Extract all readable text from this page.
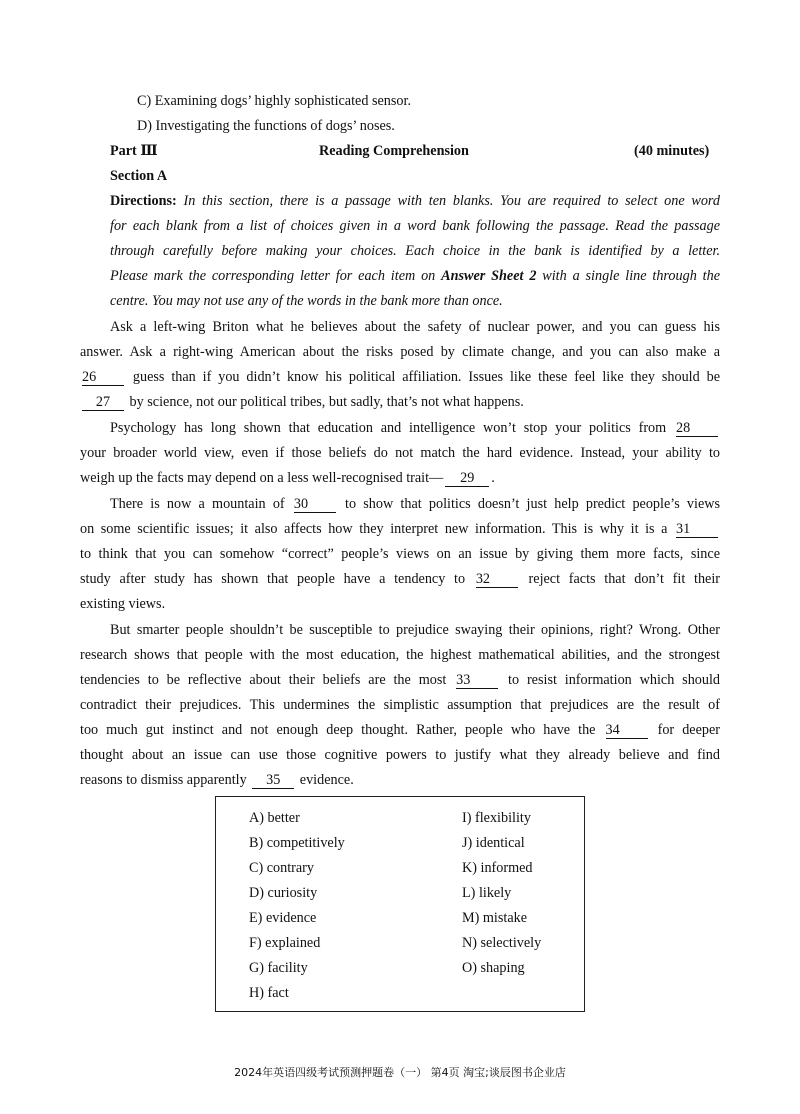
C) Examining dogs’ highly sophisticated sensor.
D) Investigating the functions of dogs’ noses.
Part Ⅲ	Reading Comprehension	(40 minutes)
Section A
Directions: In this section, there is a passage with ten blanks. You are required to select one word
for each blank from a list of choices given in a word bank following the passage. Read the passage
through carefully before making your choices. Each choice in the bank is identified by a letter.
Please mark the corresponding letter for each item on Answer Sheet 2 with a single line through the
centre. You may not use any of the words in the bank more than once.
Ask a left-wing Briton what he believes about the safety of nuclear power, and you can guess his
answer. Ask a right-wing American about the risks posed by climate change, and you can also make a
26	guess than if you didn’t know his political affiliation. Issues like these feel like they should be
27 by science, not our political tribes, but sadly, that’s not what happens.
Psychology has long shown that education and intelligence won’t stop your politics from 28
your broader world view, even if those beliefs do not match the hard evidence. Instead, your ability to
weigh up the facts may depend on a less well-recognised trait— 29 .
There is now a mountain of 30	to show that politics doesn’t just help predict people’s views
on some scientific issues; it also affects how they interpret new information. This is why it is a 31
to think that you can somehow “correct” people’s views on an issue by giving them more facts, since
study after study has shown that people have a tendency to 32	reject facts that don’t fit their
existing views.
But smarter people shouldn’t be susceptible to prejudice swaying their opinions, right? Wrong. Other
research shows that people with the most education, the highest mathematical abilities, and the strongest
tendencies to be reflective about their beliefs are the most 33	to resist information which should
contradict their prejudices. This undermines the simplistic assumption that prejudices are the result of
too much gut instinct and not enough deep thought. Rather, people who have the 34	for deeper
thought about an issue can use those cognitive powers to justify what they already believe and find
reasons to dismiss apparently 35 evidence.
A) better
B) competitively
C) contrary
D) curiosity
E) evidence
F) explained
G) facility
H) fact
I) flexibility
J) identical
K) informed
L) likely
M) mistake
N) selectively
O) shaping
2024年英语四级考试预测押题卷（一） 第4页 淘宝;谈辰图书企业店
